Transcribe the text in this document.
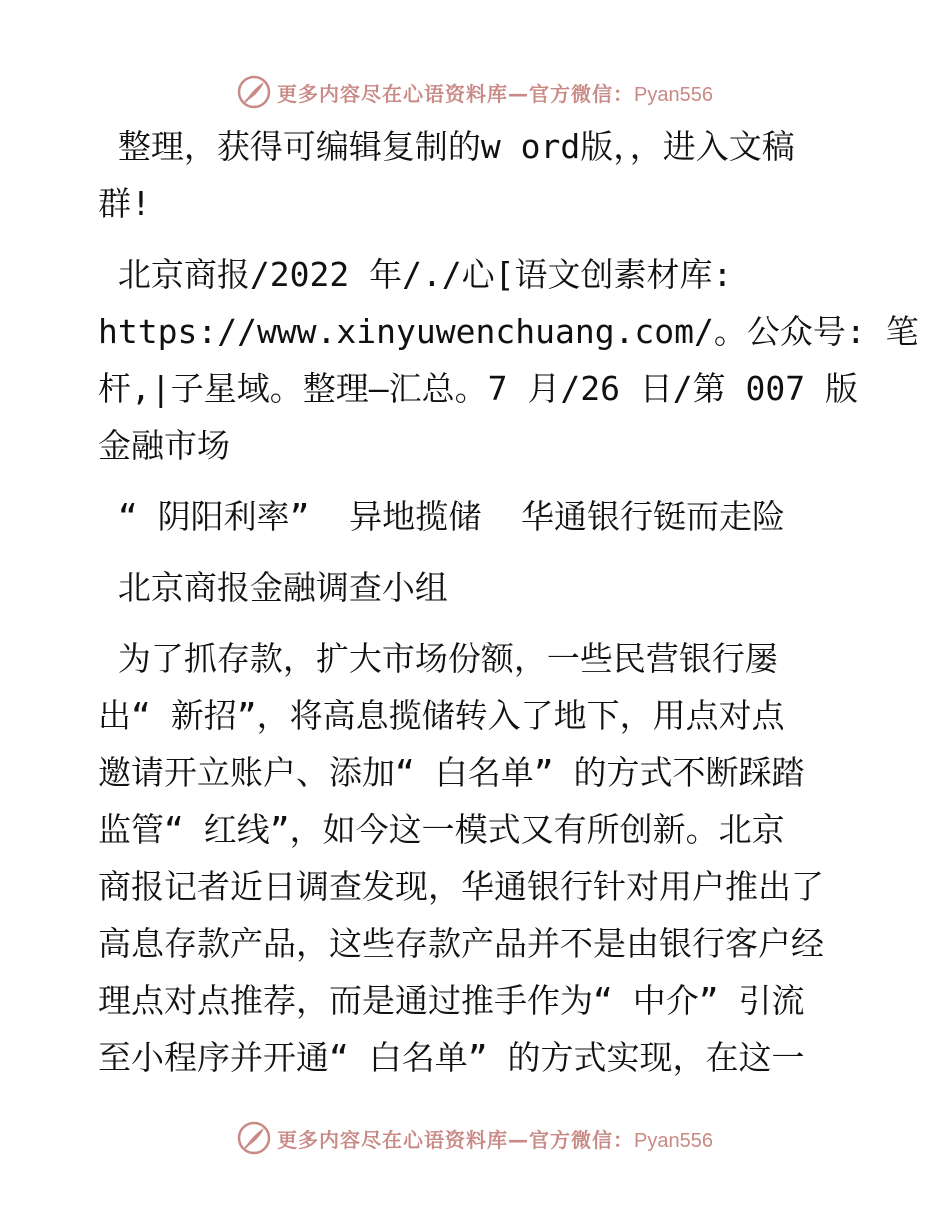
更多内容尽在心语资料库—官方微信：Pyan556

整理，获得可编辑复制的w ord版，，进入文稿
群!

北京商报/2022 年/./心[语文创素材库:
https://www.xinyuwenchuang.com/。公众号: 笔
杆,|子星域。整理—汇总。7 月/26 日/第 007 版
金融市场

“ 阴阳利率”  异地揽储  华通银行铤而走险

北京商报金融调查小组

为了抓存款，扩大市场份额，一些民营银行屡
出“ 新招”，将高息揽储转入了地下，用点对点
邀请开立账户、添加“ 白名单” 的方式不断踩踏
监管“ 红线”，如今这一模式又有所创新。北京
商报记者近日调查发现，华通银行针对用户推出了
高息存款产品，这些存款产品并不是由银行客户经
理点对点推荐，而是通过推手作为“ 中介” 引流
至小程序并开通“ 白名单” 的方式实现，在这一

更多内容尽在心语资料库—官方微信：Pyan556
